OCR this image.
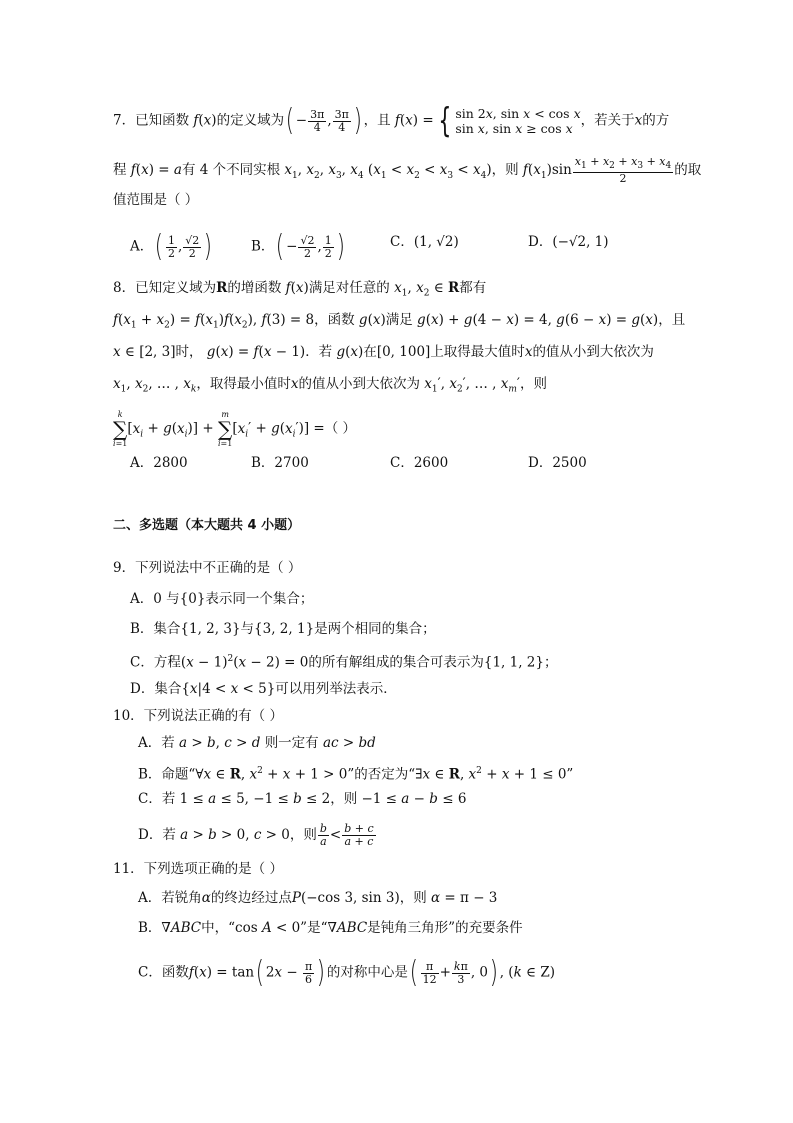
7．已知函数 f(x)的定义域为( − $\frac{3\pi}{4}$ , $\frac{3\pi}{4}$ ) ，且 f(x) = { sin 2x, sin x < cos x
sin x, sin x ≥ cos x ，若关于x的方
程 f(x) = a有 4 个不同实根 $x_1$, $x_2$, $x_3$, $x_4$ $(x_1 < x_2 < x_3 < x_4)$，则 $f(x_1)\sin \frac{x_1 + x_2 + x_3 + x_4}{2}$ 的取
值范围是（ ）
A．( $\frac{1}{2}$ , $\frac{√2}{2}$ )	B．( − $\frac{√2}{2}$ , $\frac{1}{2}$ )	C．(1, √2)	D．(−√2, 1)
8．已知定义域为R的增函数 f(x)满足对任意的 $x_1$, $x_2$ ∈ R都有
$f(x_1 + x_2) = f(x_1)f(x_2)$, f(3) = 8，函数 g(x)满足 g(x) + g(4 − x) = 4, g(6 − x) = g(x)，且
x ∈ [2, 3]时， g(x) = f(x − 1)．若 g(x)在[0, 100]上取得最大值时x的值从小到大依次为
$x_1$, $x_2$, … , $x_k$，取得最小值时x的值从小到大依次为 $x_1'$, $x_2'$, … , $x_m'$，则
k
∑
$i=1[x_i + g(x_i)] + m$
∑
$i=1[x_i' + g(x_i')]$ =（ ）
A．2800	B．2700	C．2600	D．2500
二、多选题（本大题共 4 小题）
9．下列说法中不正确的是（ ）
A．0 与{0}表示同一个集合；
B．集合{1, 2, 3}与{3, 2, 1}是两个相同的集合；
C．方程$(x - 1)^2(x - 2) = 0$的所有解组成的集合可表示为{1, 1, 2}；
D．集合{x|4 < x < 5}可以用列举法表示．
10．下列说法正确的有（ ）
A．若 a > b, c > d 则一定有 ac > bd
B．命题“∀x ∈ R, $x^2 + x + 1 > 0$”的否定为“∃x ∈ R, $x^2 + x + 1 \le 0$”
C．若 1 ≤ a ≤ 5, −1 ≤ b ≤ 2，则 −1 ≤ a − b ≤ 6
D．若 a > b > 0, c > 0，则 $\frac{b}{a} < \frac{b + c}{a + c}$
11．下列选项正确的是（ ）
A．若锐角α的终边经过点P(−cos 3, sin 3)，则 α = π − 3
B．∇ABC中，“cos A < 0”是“∇ABC是钝角三角形”的充要条件
C．函数f(x) = tan( $2x - \frac{\pi}{6}$ ) 的对称中心是( $\frac{\pi}{12} + \frac{k\pi}{3}$ , 0) , (k ∈ Z)
